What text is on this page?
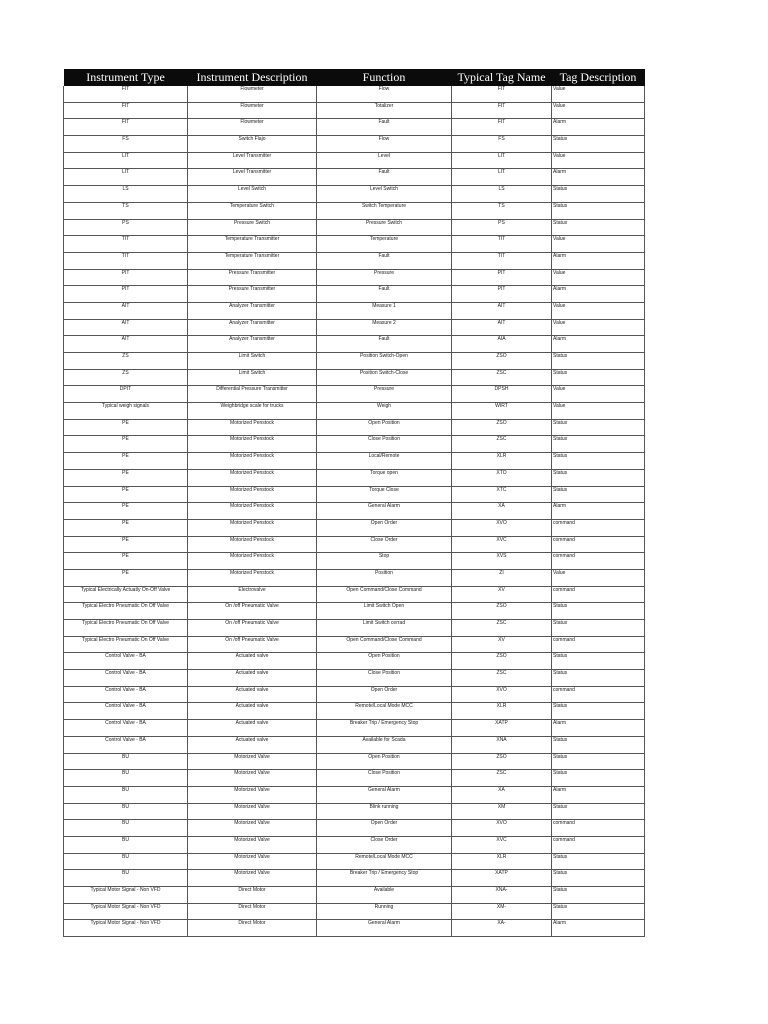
Instrument Type	Instrument Description	Function	Typical Tag Name	Tag Description
FIT	Flowmeter	Flow	FIT	Value
FIT	Flowmeter	Totalizer	FIT	Value
FIT	Flowmeter	Fault	FIT	Alarm
FS	Switch Flajo	Flow	FS	Status
LIT	Level Transmitter	Level	LIT	Value
LIT	Level Transmitter	Fault	LIT	Alarm
LS	Level Switch	Level Switch	LS	Status
TS	Temperature Switch	Switch Temperature	TS	Status
PS	Pressure Switch	Pressure Switch	PS	Status
TIT	Temperature Transmitter	Temperature	TIT	Value
TIT	Temperature Transmitter	Fault	TIT	Alarm
PIT	Pressure Transmitter	Pressure	PIT	Value
PIT	Pressure Transmitter	Fault	PIT	Alarm
AIT	Analyzer Transmitter	Measure 1	AIT	Value
AIT	Analyzer Transmitter	Measure 2	AIT	Value
AIT	Analyzer Transmitter	Fault	AIA	Alarm
ZS	Limit Switch	Position Switch-Open	ZSO	Status
ZS	Limit Switch	Position Switch-Close	ZSC	Status
DPIT	Differential Pressure Transmitter	Pressure	DPSH	Value
Typical weigh signals	Weighbridge scale for trucks	Weigh	WIRT	Value
PE	Motorized Penstock	Open Position	ZSO	Status
PE	Motorized Penstock	Close Position	ZSC	Status
PE	Motorized Penstock	Local/Remote	XLR	Status
PE	Motorized Penstock	Torque open	XTO	Status
PE	Motorized Penstock	Torque Close	XTC	Status
PE	Motorized Penstock	General Alarm	XA	Alarm
PE	Motorized Penstock	Open Order	XVO	command
PE	Motorized Penstock	Close Order	XVC	command
PE	Motorized Penstock	Stop	XVS	command
PE	Motorized Penstock	Position	ZI	Value
Typical Electrically Actuatly On-Off Valve	Electrovalve	Open Command/Close Command	XV	command
Typical Electro Pneumatic On Off Valve	On /off Pneumatic Valve	Limit Switch Open	ZSO	Status
Typical Electro Pneumatic On Off Valve	On /off Pneumatic Valve	Limit Switch cerrad	ZSC	Status
Typical Electro Pneumatic On Off Valve	On /off Pneumatic Valve	Open Command/Close Command	XV	command
Control Valve - BA	Actuated valve	Open Position	ZSO	Status
Control Valve - BA	Actuated valve	Close Position	ZSC	Status
Control Valve - BA	Actuated valve	Open Order	XVO	command
Control Valve - BA	Actuated valve	Remote/Local Mode MCC	XLR	Status
Control Valve - BA	Actuated valve	Breaker Trip / Emergency Stop	XATP	Alarm
Control Valve - BA	Actuated valve	Available for Scada	XNA	Status
BU	Motorized Valve	Open Position	ZSO	Status
BU	Motorized Valve	Close Position	ZSC	Status
BU	Motorized Valve	General Alarm	XA	Alarm
BU	Motorized Valve	Blink running	XM	Status
BU	Motorized Valve	Open Order	XVO	command
BU	Motorized Valve	Close Order	XVC	command
BU	Motorized Valve	Remote/Local Mode MCC	XLR	Status
BU	Motorized Valve	Breaker Trip / Emergency Stop	XATP	Status
Typical Motor Signal - Non VFD	Direct Motor	Available	XNA-	Status
Typical Motor Signal - Non VFD	Direct Motor	Running	XM-	Status
Typical Motor Signal - Non VFD	Direct Motor	General Alarm	XA-	Alarm
